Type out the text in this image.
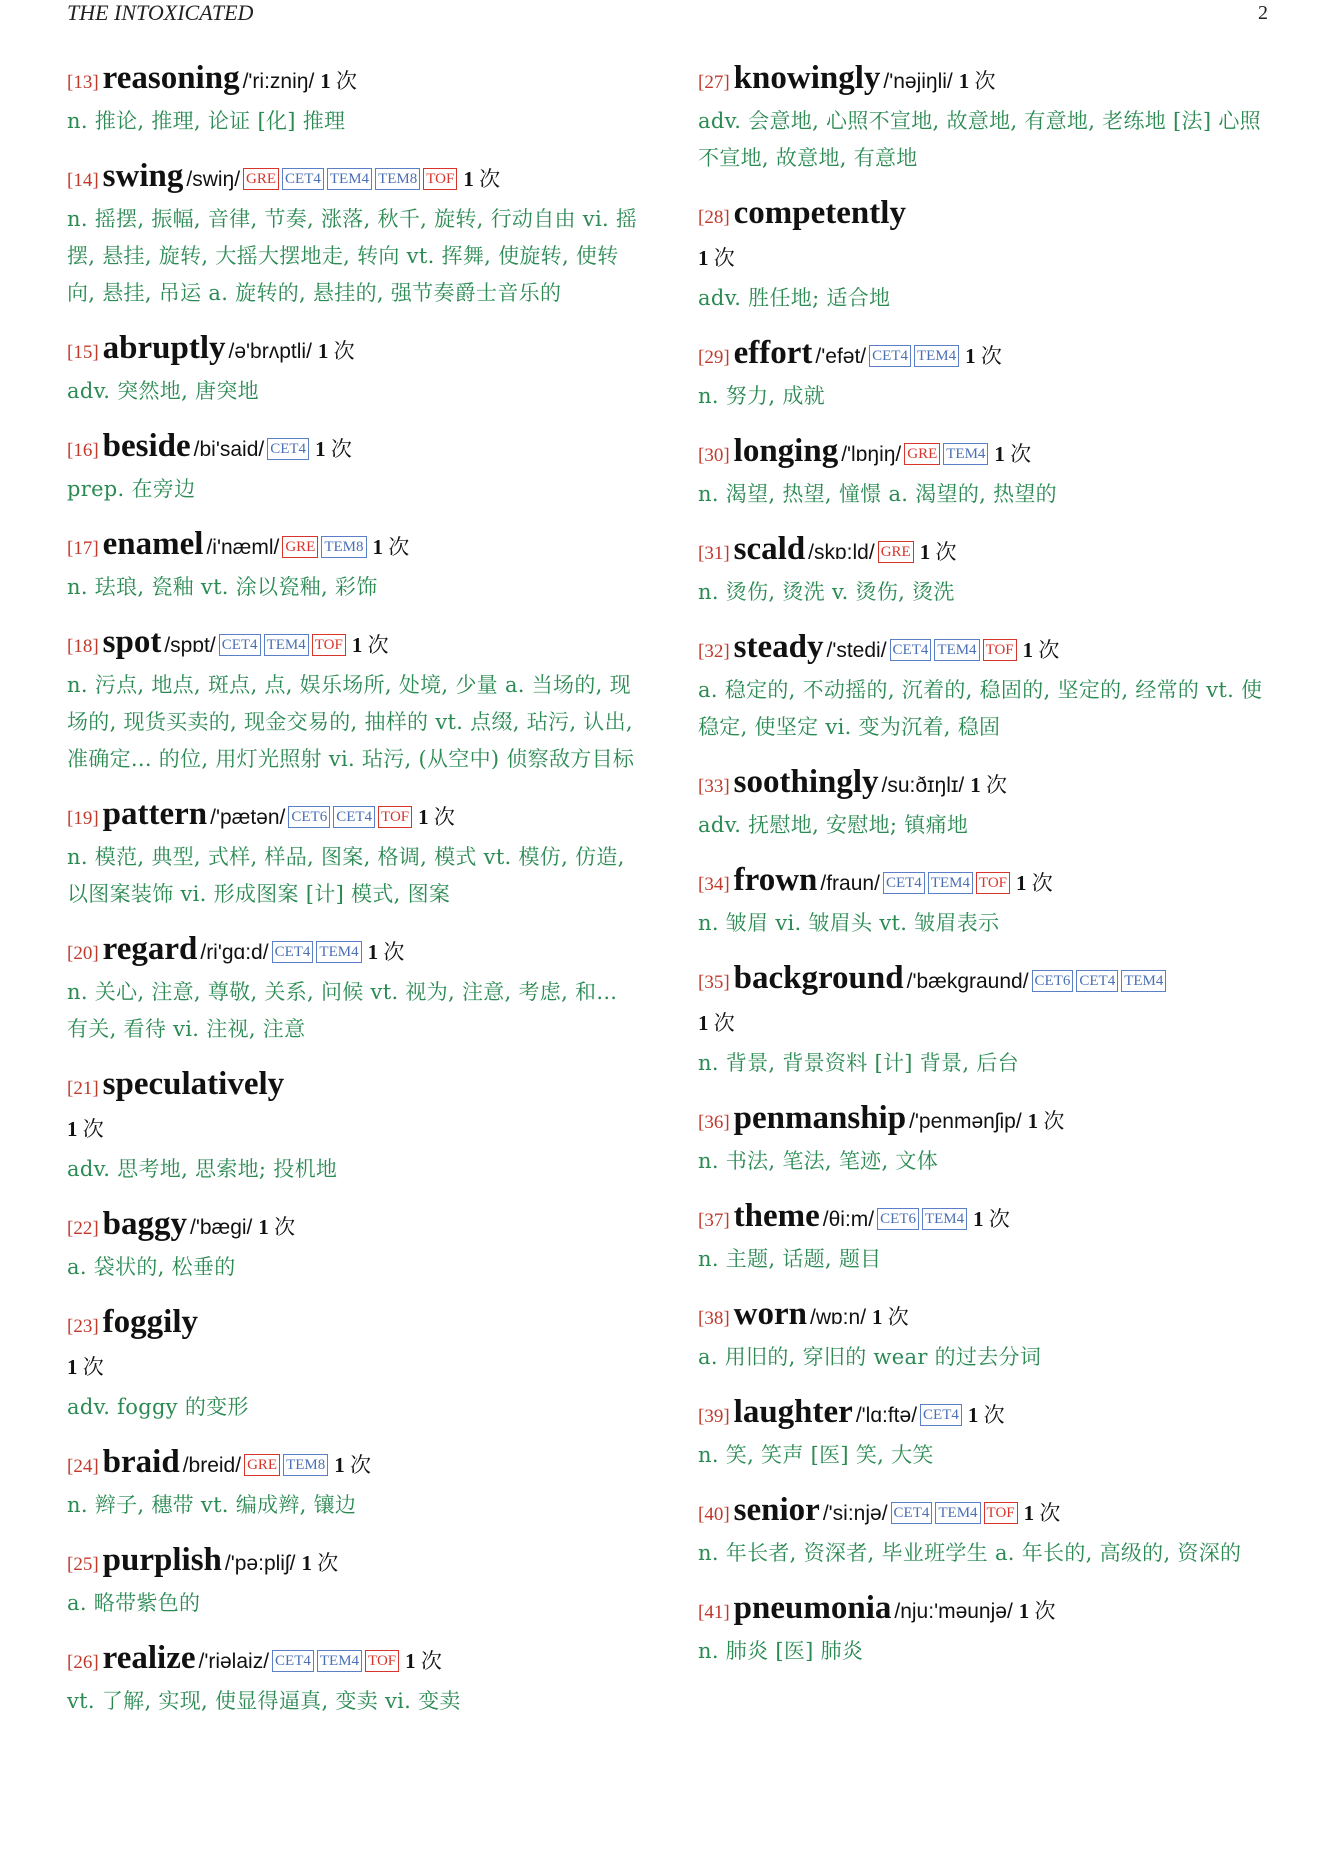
THE INTOXICATED	2
[13] reasoning /'ri:zniŋ/ 1 次
n. 推论, 推理, 论证 [化] 推理
[14] swing /swiŋ/ GRE CET4 TEM4 TEM8 TOF 1 次
n. 摇摆, 振幅, 音律, 节奏, 涨落, 秋千, 旋转, 行动自由 vi. 摇摆, 悬挂, 旋转, 大摇大摆地走, 转向 vt. 挥舞, 使旋转, 使转向, 悬挂, 吊运 a. 旋转的, 悬挂的, 强节奏爵士音乐的
[15] abruptly /ə'brʌptli/ 1 次
adv. 突然地, 唐突地
[16] beside /bi'said/ CET4 1 次
prep. 在旁边
[17] enamel /i'næml/ GRE TEM8 1 次
n. 珐琅, 瓷釉 vt. 涂以瓷釉, 彩饰
[18] spot /spɒt/ CET4 TEM4 TOF 1 次
n. 污点, 地点, 斑点, 点, 娱乐场所, 处境, 少量 a. 当场的, 现场的, 现货买卖的, 现金交易的, 抽样的 vt. 点缀, 玷污, 认出, 准确定... 的位, 用灯光照射 vi. 玷污, (从空中) 侦察敌方目标
[19] pattern /'pætən/ CET6 CET4 TOF 1 次
n. 模范, 典型, 式样, 样品, 图案, 格调, 模式 vt. 模仿, 仿造, 以图案装饰 vi. 形成图案 [计] 模式, 图案
[20] regard /ri'gɑ:d/ CET4 TEM4 1 次
n. 关心, 注意, 尊敬, 关系, 问候 vt. 视为, 注意, 考虑, 和... 有关, 看待 vi. 注视, 注意
[21] speculatively
1 次
adv. 思考地, 思索地; 投机地
[22] baggy /'bægi/ 1 次
a. 袋状的, 松垂的
[23] foggily
1 次
adv. foggy 的变形
[24] braid /breid/ GRE TEM8 1 次
n. 辫子, 穗带 vt. 编成辫, 镶边
[25] purplish /'pə:pliʃ/ 1 次
a. 略带紫色的
[26] realize /'riəlaiz/ CET4 TEM4 TOF 1 次
vt. 了解, 实现, 使显得逼真, 变卖 vi. 变卖
[27] knowingly /'nəjiŋli/ 1 次
adv. 会意地, 心照不宣地, 故意地, 有意地, 老练地 [法] 心照不宣地, 故意地, 有意地
[28] competently
1 次
adv. 胜任地; 适合地
[29] effort /'efət/ CET4 TEM4 1 次
n. 努力, 成就
[30] longing /'lɒŋiŋ/ GRE TEM4 1 次
n. 渴望, 热望, 憧憬 a. 渴望的, 热望的
[31] scald /skɒ:ld/ GRE 1 次
n. 烫伤, 烫洗 v. 烫伤, 烫洗
[32] steady /'stedi/ CET4 TEM4 TOF 1 次
a. 稳定的, 不动摇的, 沉着的, 稳固的, 坚定的, 经常的 vt. 使稳定, 使坚定 vi. 变为沉着, 稳固
[33] soothingly /su:ðɪŋlɪ/ 1 次
adv. 抚慰地, 安慰地; 镇痛地
[34] frown /fraun/ CET4 TEM4 TOF 1 次
n. 皱眉 vi. 皱眉头 vt. 皱眉表示
[35] background /'bækgraund/ CET6 CET4 TEM4
1 次
n. 背景, 背景资料 [计] 背景, 后台
[36] penmanship /'penmənʃip/ 1 次
n. 书法, 笔法, 笔迹, 文体
[37] theme /θi:m/ CET6 TEM4 1 次
n. 主题, 话题, 题目
[38] worn /wɒ:n/ 1 次
a. 用旧的, 穿旧的 wear 的过去分词
[39] laughter /'lɑ:ftə/ CET4 1 次
n. 笑, 笑声 [医] 笑, 大笑
[40] senior /'si:njə/ CET4 TEM4 TOF 1 次
n. 年长者, 资深者, 毕业班学生 a. 年长的, 高级的, 资深的
[41] pneumonia /nju:'məunjə/ 1 次
n. 肺炎 [医] 肺炎
